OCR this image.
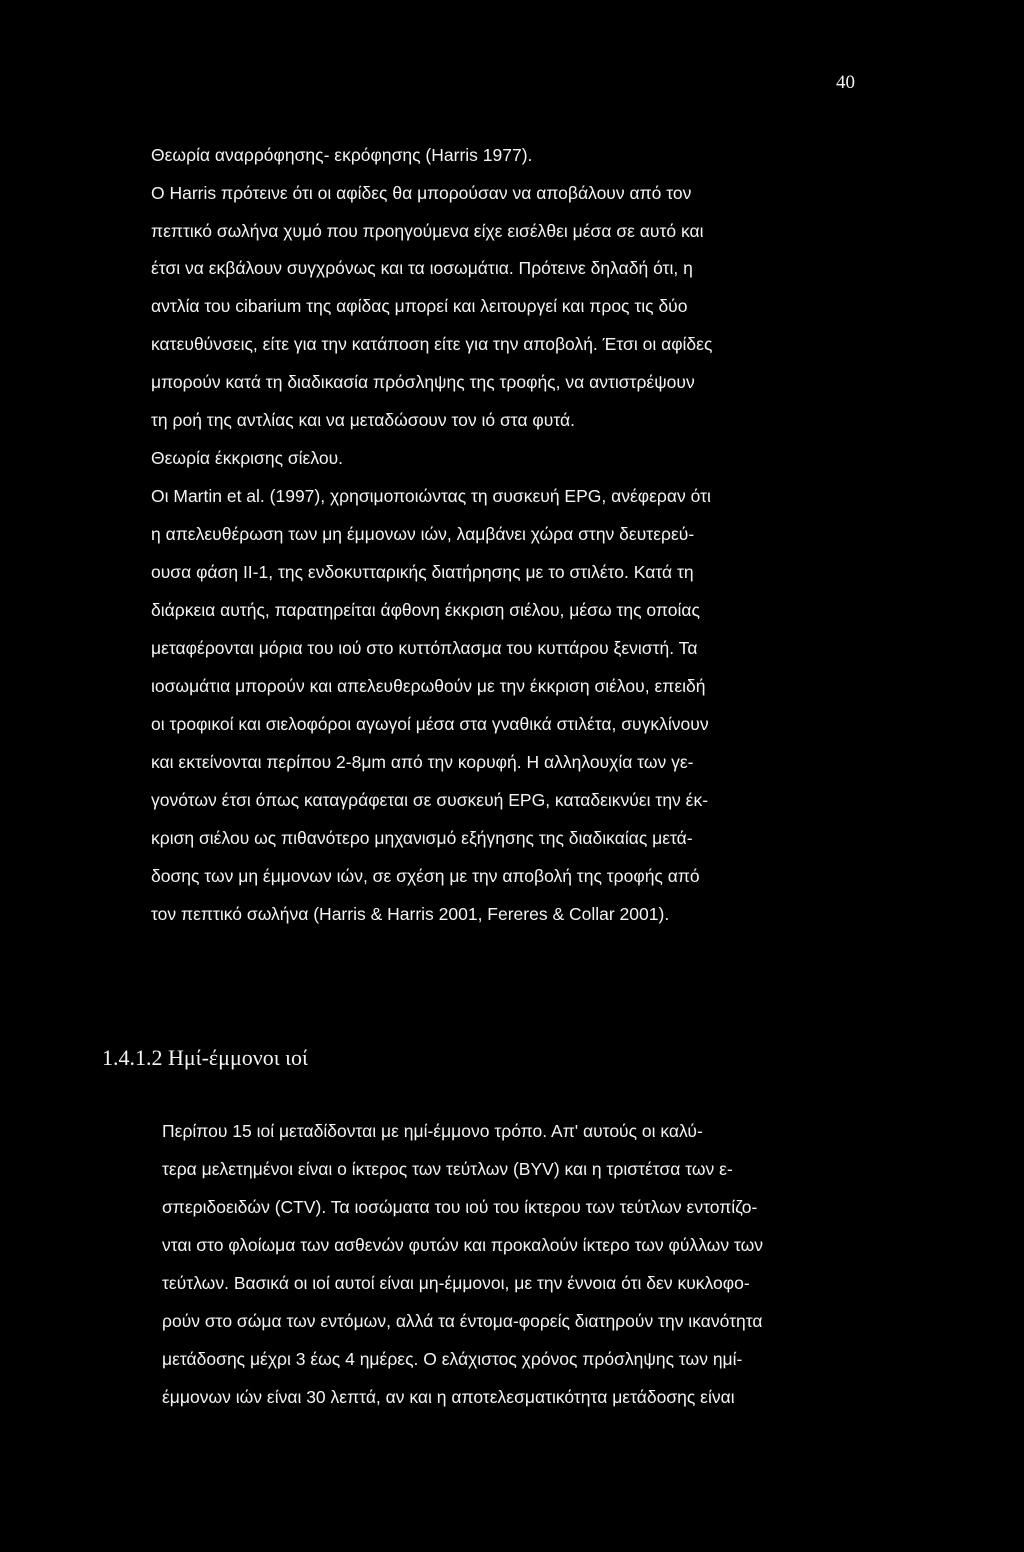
40
Θεωρία αναρρόφησης- εκρόφησης (Harris 1977).
Ο Harris πρότεινε ότι οι αφίδες θα μπορούσαν να αποβάλουν από τον
πεπτικό σωλήνα χυμό που προηγούμενα είχε εισέλθει μέσα σε αυτό και
έτσι να εκβάλουν συγχρόνως και τα ιοσωμάτια. Πρότεινε δηλαδή ότι, η
αντλία του cibarium της αφίδας μπορεί και λειτουργεί και προς τις δύο
κατευθύνσεις, είτε για την κατάποση είτε για την αποβολή. Έτσι οι αφίδες
μπορούν κατά τη διαδικασία πρόσληψης της τροφής, να αντιστρέψουν
τη ροή της αντλίας και να μεταδώσουν τον ιό στα φυτά.
Θεωρία έκκρισης σίελου.
Οι Martin et al. (1997), χρησιμοποιώντας τη συσκευή EPG, ανέφεραν ότι
η απελευθέρωση των μη έμμονων ιών, λαμβάνει χώρα στην δευτερεύ-
ουσα φάση ΙΙ-1, της ενδοκυτταρικής διατήρησης με το στιλέτο. Κατά τη
διάρκεια αυτής, παρατηρείται άφθονη έκκριση σιέλου, μέσω της οποίας
μεταφέρονται μόρια του ιού στο κυττόπλασμα του κυττάρου ξενιστή. Τα
ιοσωμάτια μπορούν και απελευθερωθούν με την έκκριση σιέλου, επειδή
οι τροφικοί και σιελοφόροι αγωγοί μέσα στα γναθικά στιλέτα, συγκλίνουν
και εκτείνονται περίπου 2-8μm από την κορυφή. Η αλληλουχία των γε-
γονότων έτσι όπως καταγράφεται σε συσκευή EPG, καταδεικνύει την έκ-
κριση σιέλου ως πιθανότερο μηχανισμό εξήγησης της διαδικαίας μετά-
δοσης των μη έμμονων ιών, σε σχέση με την αποβολή της τροφής από
τον πεπτικό σωλήνα (Harris & Harris 2001, Fereres & Collar 2001).
1.4.1.2 Ημί-έμμονοι ιοί
Περίπου 15 ιοί μεταδίδονται με ημί-έμμονο τρόπο. Απ' αυτούς οι καλύ-
τερα μελετημένοι είναι ο ίκτερος των τεύτλων (BYV) και η τριστέτσα των ε-
σπεριδοειδών (CTV). Τα ιοσώματα του ιού του ίκτερου των τεύτλων εντοπίζο-
νται στο φλοίωμα των ασθενών φυτών και προκαλούν ίκτερο των φύλλων των
τεύτλων. Βασικά οι ιοί αυτοί είναι μη-έμμονοι, με την έννοια ότι δεν κυκλοφο-
ρούν στο σώμα των εντόμων, αλλά τα έντομα-φορείς διατηρούν την ικανότητα
μετάδοσης μέχρι 3 έως 4 ημέρες. Ο ελάχιστος χρόνος πρόσληψης των ημί-
έμμονων ιών είναι 30 λεπτά, αν και η αποτελεσματικότητα μετάδοσης είναι
